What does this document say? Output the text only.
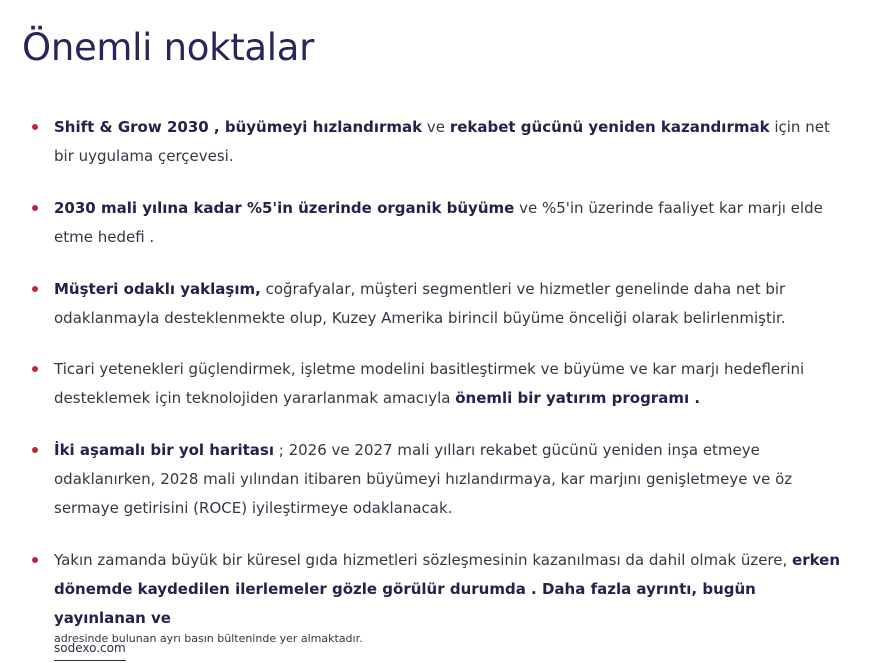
Önemli noktalar
Shift & Grow 2030 , büyümeyi hızlandırmak ve rekabet gücünü yeniden kazandırmak için net bir uygulama çerçevesi.
2030 mali yılına kadar %5'in üzerinde organik büyüme ve %5'in üzerinde faaliyet kar marjı elde etme hedefi .
Müşteri odaklı yaklaşım, coğrafyalar, müşteri segmentleri ve hizmetler genelinde daha net bir odaklanmayla desteklenmekte olup, Kuzey Amerika birincil büyüme önceliği olarak belirlenmiştir.
Ticari yetenekleri güçlendirmek, işletme modelini basitleştirmek ve büyüme ve kar marjı hedeflerini desteklemek için teknolojiden yararlanmak amacıyla önemli bir yatırım programı .
İki aşamalı bir yol haritası ; 2026 ve 2027 mali yılları rekabet gücünü yeniden inşa etmeye odaklanırken, 2028 mali yılından itibaren büyümeyi hızlandırmaya, kar marjını genişletmeye ve öz sermaye getirisini (ROCE) iyileştirmeye odaklanacak.
Yakın zamanda büyük bir küresel gıda hizmetleri sözleşmesinin kazanılması da dahil olmak üzere, erken dönemde kaydedilen ilerlemeler gözle görülür durumda . Daha fazla ayrıntı, bugün yayınlanan ve
sodexo.com
adresinde bulunan ayrı basın bülteninde yer almaktadır.
